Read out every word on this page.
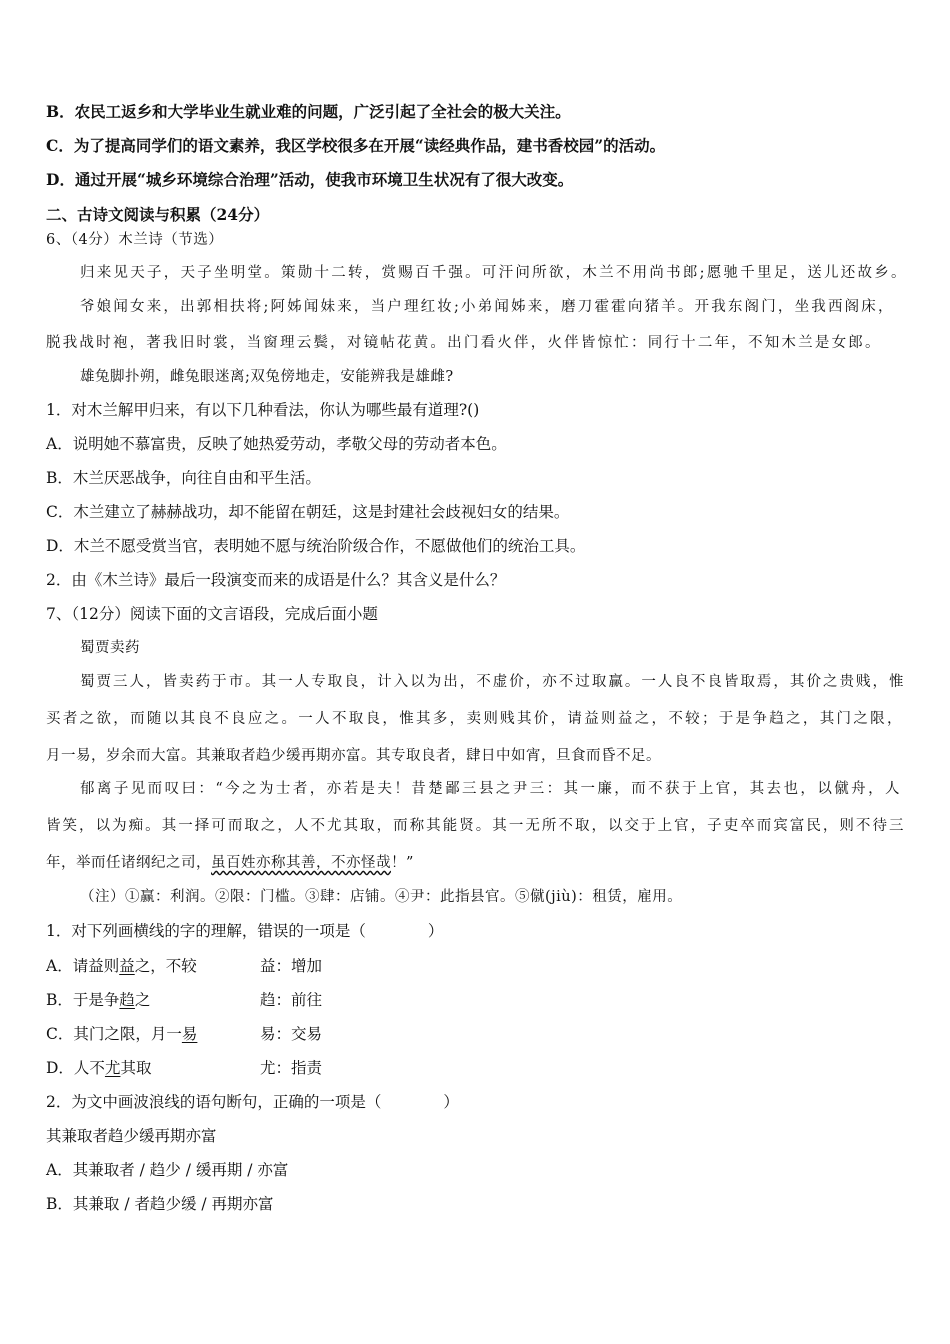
B．农民工返乡和大学毕业生就业难的问题，广泛引起了全社会的极大关注。
C．为了提高同学们的语文素养，我区学校很多在开展“读经典作品，建书香校园”的活动。
D．通过开展“城乡环境综合治理”活动，使我市环境卫生状况有了很大改变。
二、古诗文阅读与积累（24分）
6、（4分）木兰诗（节选）
归来见天子，天子坐明堂。策勋十二转，赏赐百千强。可汗问所欲，木兰不用尚书郎;愿驰千里足，送儿还故乡。
爷娘闻女来，出郭相扶将;阿姊闻妹来，当户理红妆;小弟闻姊来，磨刀霍霍向猪羊。开我东阁门，坐我西阁床，
脱我战时袍，著我旧时裳，当窗理云鬓，对镜帖花黄。出门看火伴，火伴皆惊忙：同行十二年，不知木兰是女郎。
雄兔脚扑朔，雌兔眼迷离;双兔傍地走，安能辨我是雄雌?
1．对木兰解甲归来，有以下几种看法，你认为哪些最有道理?()
A．说明她不慕富贵，反映了她热爱劳动，孝敬父母的劳动者本色。
B．木兰厌恶战争，向往自由和平生活。
C．木兰建立了赫赫战功，却不能留在朝廷，这是封建社会歧视妇女的结果。
D．木兰不愿受赏当官，表明她不愿与统治阶级合作，不愿做他们的统治工具。
2．由《木兰诗》最后一段演变而来的成语是什么？其含义是什么？
7、（12分）阅读下面的文言语段，完成后面小题
蜀贾卖药
蜀贾三人，皆卖药于市。其一人专取良，计入以为出，不虚价，亦不过取赢。一人良不良皆取焉，其价之贵贱，惟
买者之欲，而随以其良不良应之。一人不取良，惟其多，卖则贱其价，请益则益之，不较；于是争趋之，其门之限，
月一易，岁余而大富。其兼取者趋少缓再期亦富。其专取良者，肆日中如宵，旦食而昏不足。
郁离子见而叹曰：“今之为士者，亦若是夫！昔楚鄙三县之尹三：其一廉，而不获于上官，其去也，以僦舟，人
皆笑，以为痴。其一择可而取之，人不尤其取，而称其能贤。其一无所不取，以交于上官，子吏卒而宾富民，则不待三
年，举而任诸纲纪之司，虽百姓亦称其善，不亦怪哉！”
（注）①赢：利润。②限：门槛。③肆：店铺。④尹：此指县官。⑤僦(jiù)：租赁，雇用。
1．对下列画横线的字的理解，错误的一项是（	）
A．请益则益之，不较	益：增加
B．于是争趋之	趋：前往
C．其门之限，月一易	易：交易
D．人不尤其取	尤：指责
2．为文中画波浪线的语句断句，正确的一项是（	）
其兼取者趋少缓再期亦富
A．其兼取者 / 趋少 / 缓再期 / 亦富
B．其兼取 / 者趋少缓 / 再期亦富
